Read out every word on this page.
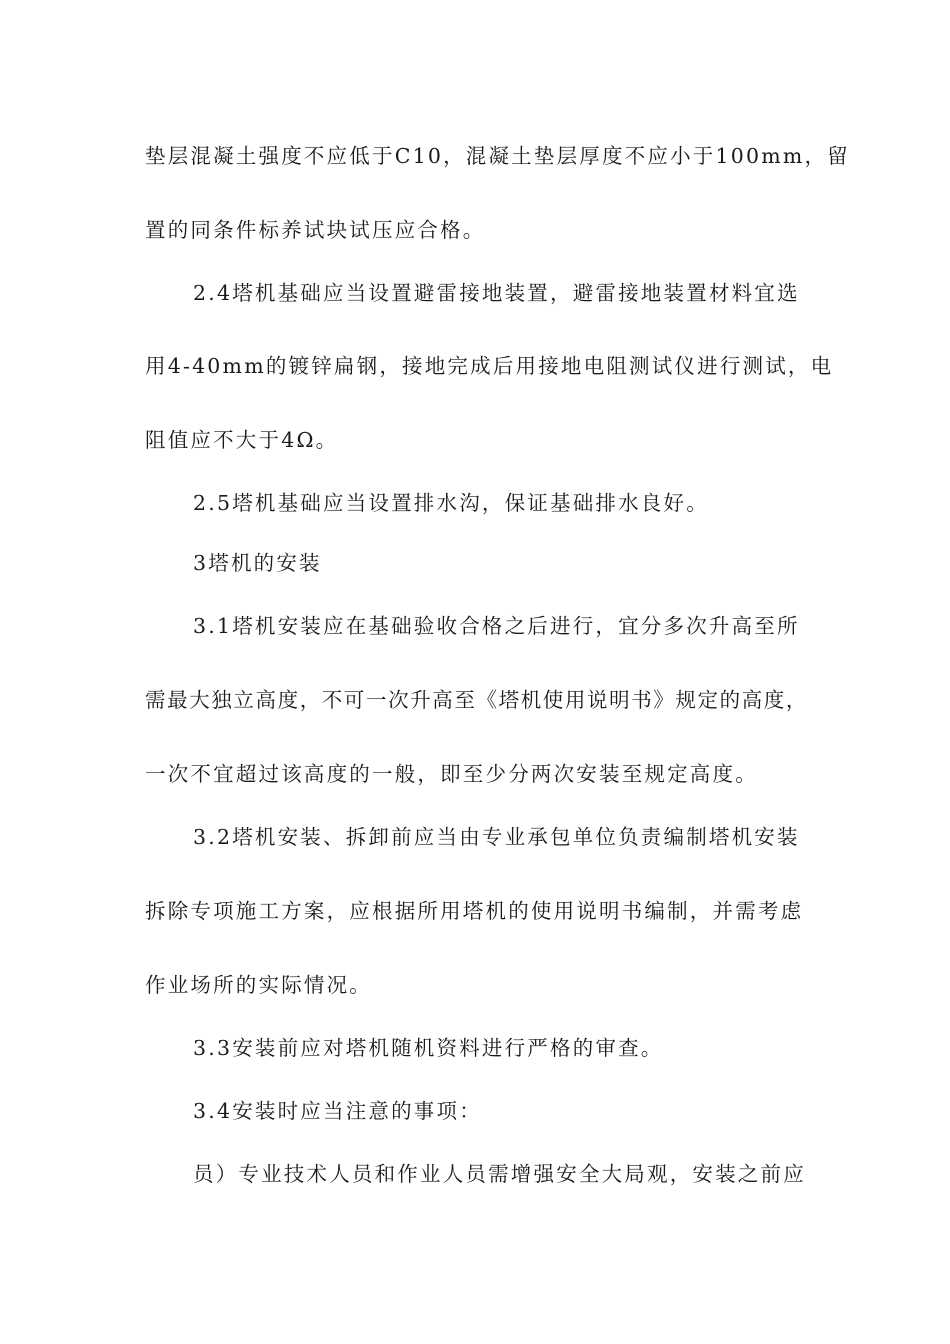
垫层混凝土强度不应低于C10，混凝土垫层厚度不应小于100mm，留
置的同条件标养试块试压应合格。
2.4塔机基础应当设置避雷接地装置，避雷接地装置材料宜选
用4-40mm的镀锌扁钢，接地完成后用接地电阻测试仪进行测试，电
阻值应不大于4Ω。
2.5塔机基础应当设置排水沟，保证基础排水良好。
3塔机的安装
3.1塔机安装应在基础验收合格之后进行，宜分多次升高至所
需最大独立高度，不可一次升高至《塔机使用说明书》规定的高度，
一次不宜超过该高度的一般，即至少分两次安装至规定高度。
3.2塔机安装、拆卸前应当由专业承包单位负责编制塔机安装
拆除专项施工方案，应根据所用塔机的使用说明书编制，并需考虑
作业场所的实际情况。
3.3安装前应对塔机随机资料进行严格的审查。
3.4安装时应当注意的事项：
员）专业技术人员和作业人员需增强安全大局观，安装之前应
